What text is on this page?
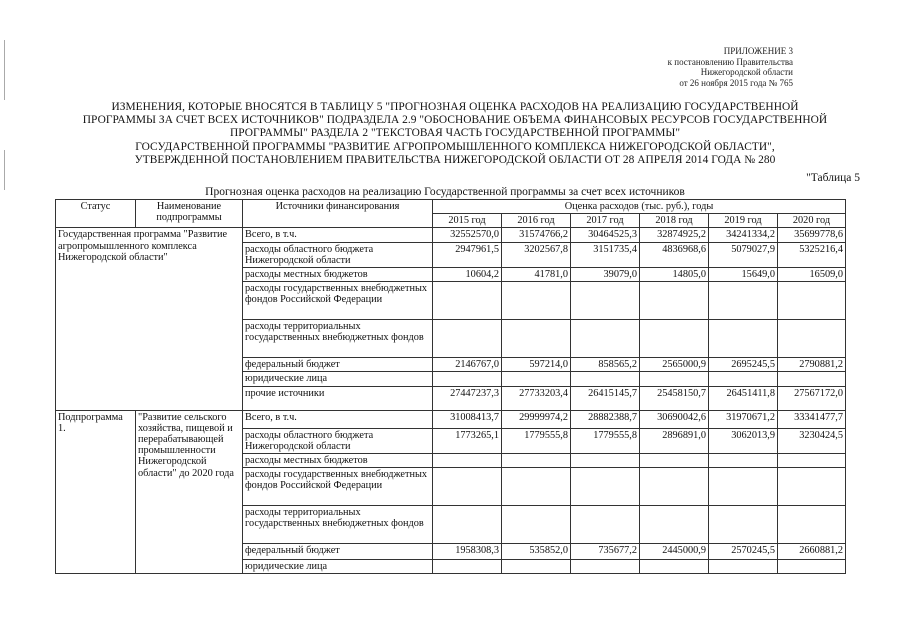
ПРИЛОЖЕНИЕ 3
к постановлению Правительства
Нижегородской области
от 26 ноября 2015 года № 765
ИЗМЕНЕНИЯ, КОТОРЫЕ ВНОСЯТСЯ В ТАБЛИЦУ 5 "ПРОГНОЗНАЯ ОЦЕНКА РАСХОДОВ НА РЕАЛИЗАЦИЮ ГОСУДАРСТВЕННОЙ
ПРОГРАММЫ ЗА СЧЕТ ВСЕХ ИСТОЧНИКОВ" ПОДРАЗДЕЛА 2.9 "ОБОСНОВАНИЕ ОБЪЕМА ФИНАНСОВЫХ РЕСУРСОВ ГОСУДАРСТВЕННОЙ
ПРОГРАММЫ" РАЗДЕЛА 2 "ТЕКСТОВАЯ ЧАСТЬ ГОСУДАРСТВЕННОЙ ПРОГРАММЫ"
ГОСУДАРСТВЕННОЙ ПРОГРАММЫ "РАЗВИТИЕ АГРОПРОМЫШЛЕННОГО КОМПЛЕКСА НИЖЕГОРОДСКОЙ ОБЛАСТИ",
УТВЕРЖДЕННОЙ ПОСТАНОВЛЕНИЕМ ПРАВИТЕЛЬСТВА НИЖЕГОРОДСКОЙ ОБЛАСТИ ОТ 28 АПРЕЛЯ 2014 ГОДА № 280
"Таблица 5
Прогнозная оценка расходов на реализацию Государственной программы за счет всех источников
Статус	Наименование подпрограммы	Источники финансирования	Оценка расходов (тыс. руб.), годы					
			2015 год	2016 год	2017 год	2018 год	2019 год	2020 год
Государственная программа "Развитие агропромышленного комплекса Нижегородской области"		Всего, в т.ч.	32552570,0	31574766,2	30464525,3	32874925,2	34241334,2	35699778,6
		расходы областного бюджета Нижегородской области	2947961,5	3202567,8	3151735,4	4836968,6	5079027,9	5325216,4
		расходы местных бюджетов	10604,2	41781,0	39079,0	14805,0	15649,0	16509,0
		расходы государственных внебюджетных фондов Российской Федерации						
		расходы территориальных государственных внебюджетных фондов						
		федеральный бюджет	2146767,0	597214,0	858565,2	2565000,9	2695245,5	2790881,2
		юридические лица						
		прочие источники	27447237,3	27733203,4	26415145,7	25458150,7	26451411,8	27567172,0
Подпрограмма 1.	"Развитие сельского хозяйства, пищевой и перерабатывающей промышленности Нижегородской области" до 2020 года	Всего, в т.ч.	31008413,7	29999974,2	28882388,7	30690042,6	31970671,2	33341477,7
		расходы областного бюджета Нижегородской области	1773265,1	1779555,8	1779555,8	2896891,0	3062013,9	3230424,5
		расходы местных бюджетов						
		расходы государственных внебюджетных фондов Российской Федерации						
		расходы территориальных государственных внебюджетных фондов						
		федеральный бюджет	1958308,3	535852,0	735677,2	2445000,9	2570245,5	2660881,2
		юридические лица						
